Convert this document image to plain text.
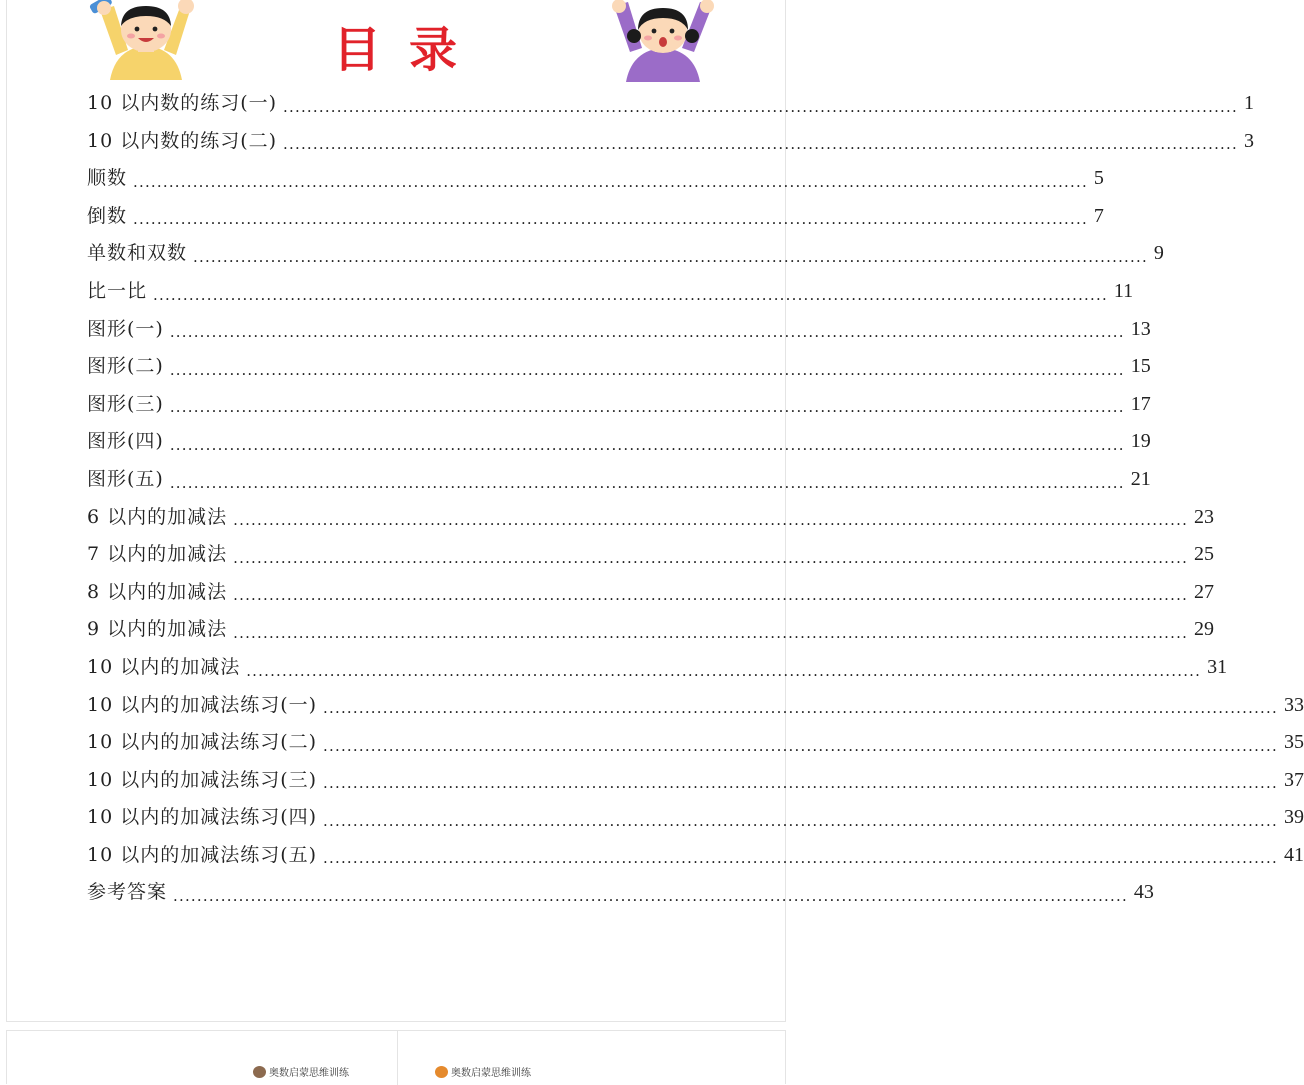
目录
10 以内数的练习(一) ································································································································································ 1
10 以内数的练习(二) ································································································································································ 3
顺数 ································································································································································ 5
倒数 ································································································································································ 7
单数和双数 ································································································································································ 9
比一比 ································································································································································ 11
图形(一) ································································································································································ 13
图形(二) ································································································································································ 15
图形(三) ································································································································································ 17
图形(四) ································································································································································ 19
图形(五) ································································································································································ 21
6 以内的加减法 ································································································································································ 23
7 以内的加减法 ································································································································································ 25
8 以内的加减法 ································································································································································ 27
9 以内的加减法 ································································································································································ 29
10 以内的加减法 ································································································································································ 31
10 以内的加减法练习(一) ································································································································································ 33
10 以内的加减法练习(二) ································································································································································ 35
10 以内的加减法练习(三) ································································································································································ 37
10 以内的加减法练习(四) ································································································································································ 39
10 以内的加减法练习(五) ································································································································································ 41
参考答案 ································································································································································ 43
奥数启蒙思维训练	奥数启蒙思维训练
